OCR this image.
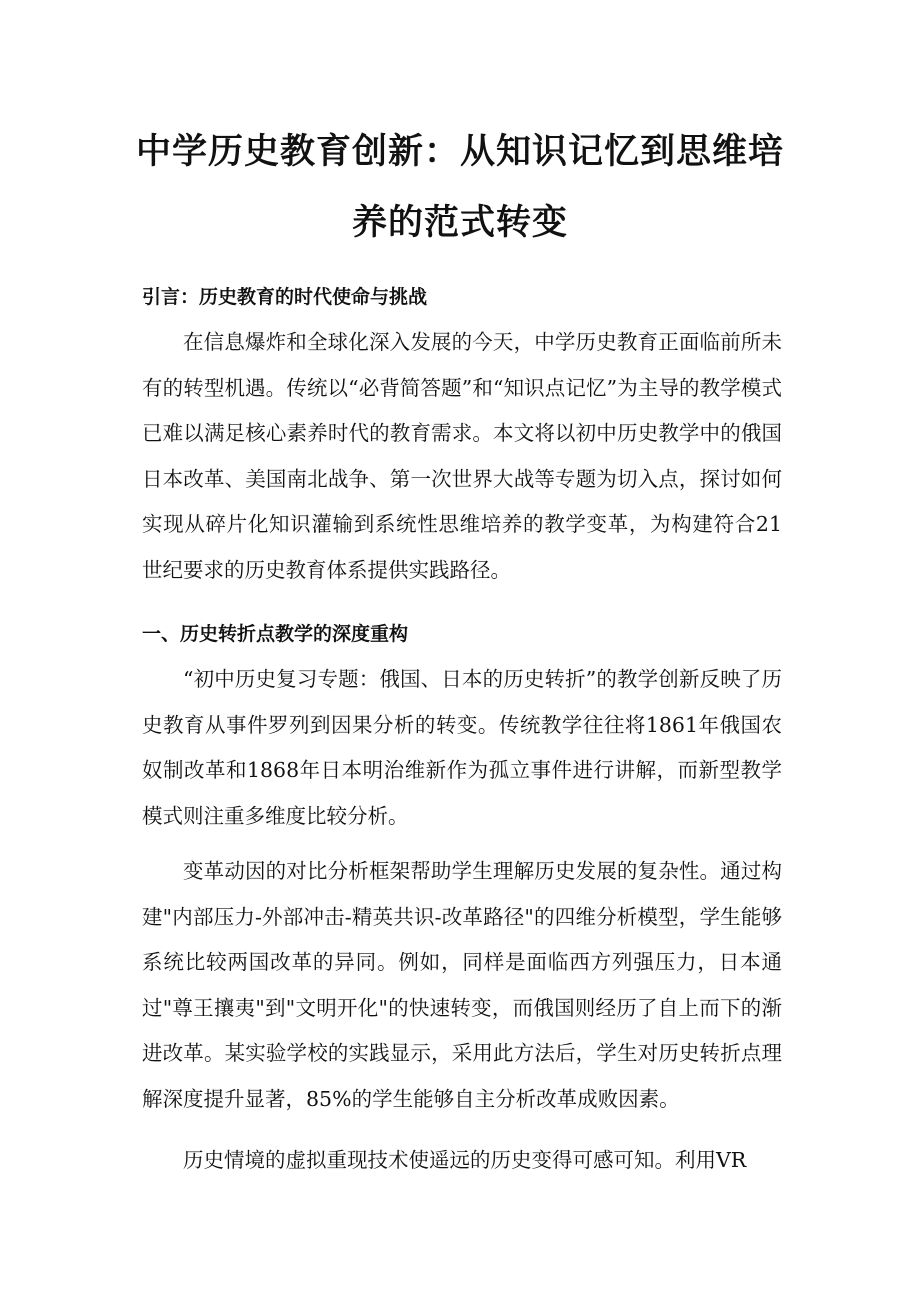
中学历史教育创新：从知识记忆到思维培
养的范式转变
引言：历史教育的时代使命与挑战

在信息爆炸和全球化深入发展的今天，中学历史教育正面临前所未有的转型机遇。传统以“必背简答题”和“知识点记忆”为主导的教学模式已难以满足核心素养时代的教育需求。本文将以初中历史教学中的俄国日本改革、美国南北战争、第一次世界大战等专题为切入点，探讨如何实现从碎片化知识灌输到系统性思维培养的教学变革，为构建符合21世纪要求的历史教育体系提供实践路径。

一、历史转折点教学的深度重构

“初中历史复习专题：俄国、日本的历史转折”的教学创新反映了历史教育从事件罗列到因果分析的转变。传统教学往往将1861年俄国农奴制改革和1868年日本明治维新作为孤立事件进行讲解，而新型教学模式则注重多维度比较分析。

变革动因的对比分析框架帮助学生理解历史发展的复杂性。通过构建"内部压力-外部冲击-精英共识-改革路径"的四维分析模型，学生能够系统比较两国改革的异同。例如，同样是面临西方列强压力，日本通过"尊王攘夷"到"文明开化"的快速转变，而俄国则经历了自上而下的渐进改革。某实验学校的实践显示，采用此方法后，学生对历史转折点理解深度提升显著，85%的学生能够自主分析改革成败因素。

历史情境的虚拟重现技术使遥远的历史变得可感可知。利用VR
